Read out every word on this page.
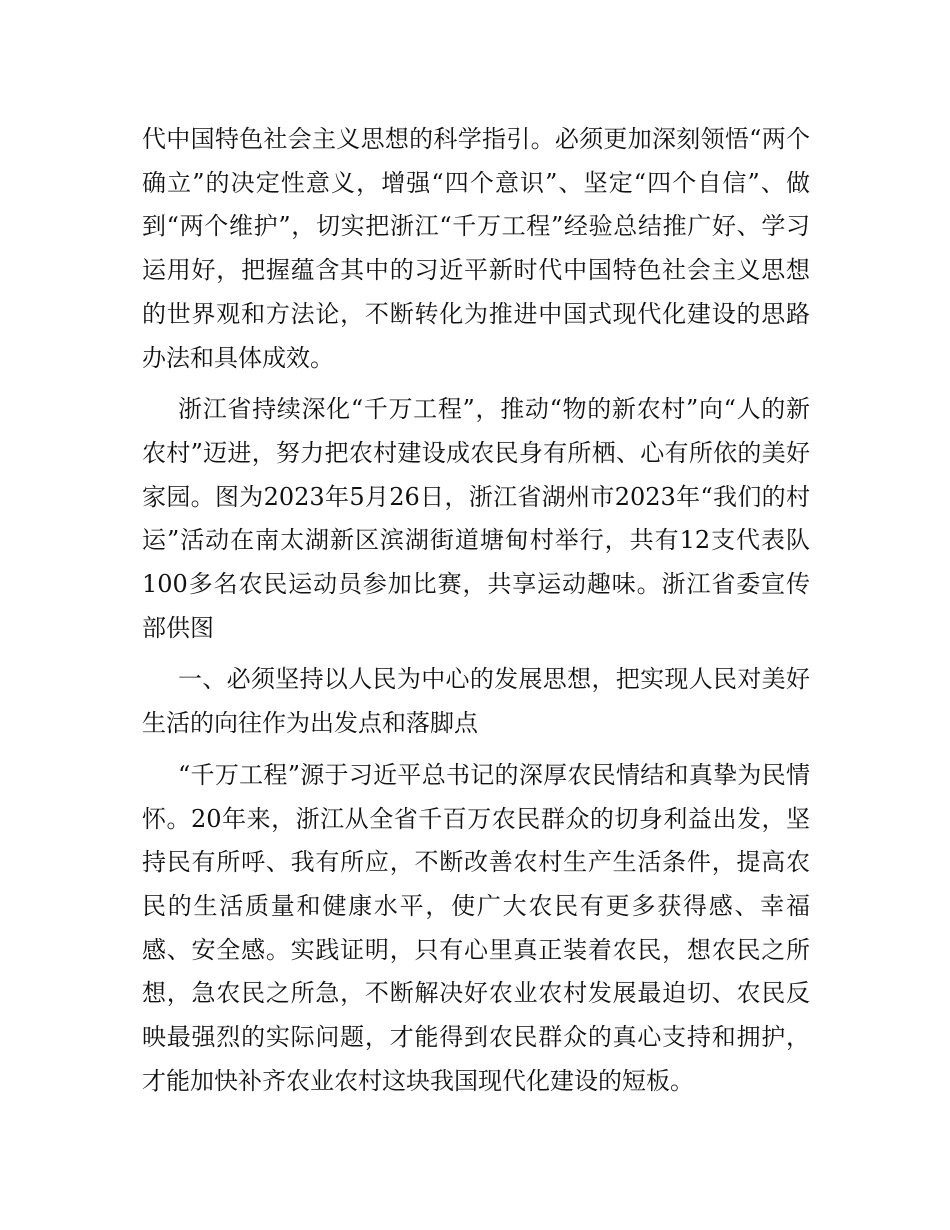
代中国特色社会主义思想的科学指引。必须更加深刻领悟“两个确立”的决定性意义，增强“四个意识”、坚定“四个自信”、做到“两个维护”，切实把浙江“千万工程”经验总结推广好、学习运用好，把握蕴含其中的习近平新时代中国特色社会主义思想的世界观和方法论，不断转化为推进中国式现代化建设的思路办法和具体成效。

浙江省持续深化“千万工程”，推动“物的新农村”向“人的新农村”迈进，努力把农村建设成农民身有所栖、心有所依的美好家园。图为2023年5月26日，浙江省湖州市2023年“我们的村运”活动在南太湖新区滨湖街道塘甸村举行，共有12支代表队100多名农民运动员参加比赛，共享运动趣味。浙江省委宣传部供图

一、必须坚持以人民为中心的发展思想，把实现人民对美好生活的向往作为出发点和落脚点

“千万工程”源于习近平总书记的深厚农民情结和真挚为民情怀。20年来，浙江从全省千百万农民群众的切身利益出发，坚持民有所呼、我有所应，不断改善农村生产生活条件，提高农民的生活质量和健康水平，使广大农民有更多获得感、幸福感、安全感。实践证明，只有心里真正装着农民，想农民之所想，急农民之所急，不断解决好农业农村发展最迫切、农民反映最强烈的实际问题，才能得到农民群众的真心支持和拥护，才能加快补齐农业农村这块我国现代化建设的短板。
